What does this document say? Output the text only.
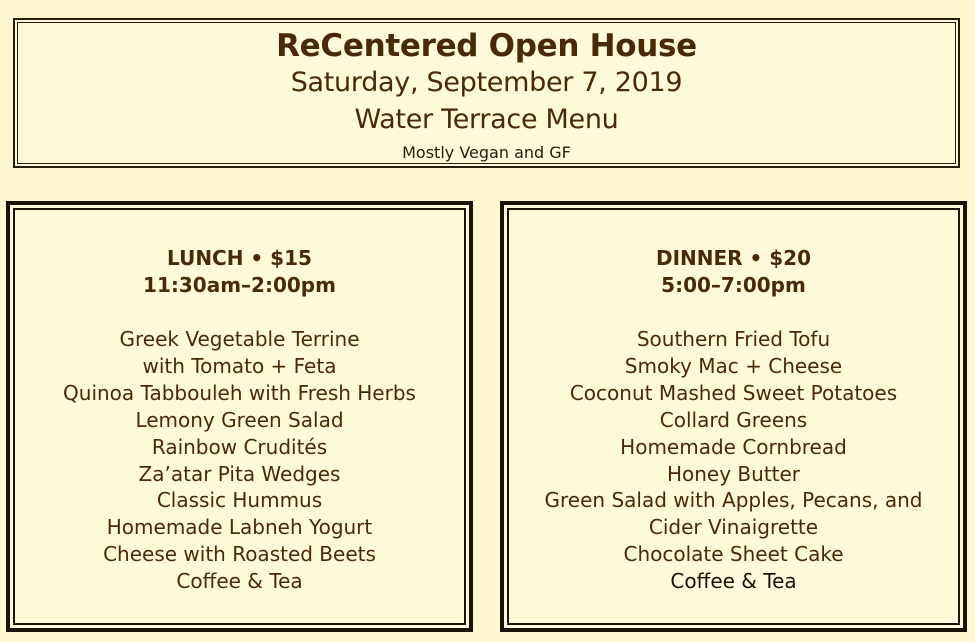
ReCentered Open House
Saturday, September 7, 2019
Water Terrace Menu
Mostly Vegan and GF
LUNCH • $15
11:30am–2:00pm
Greek Vegetable Terrine
with Tomato + Feta
Quinoa Tabbouleh with Fresh Herbs
Lemony Green Salad
Rainbow Crudités
Za’atar Pita Wedges
Classic Hummus
Homemade Labneh Yogurt
Cheese with Roasted Beets
Coffee & Tea
DINNER • $20
5:00–7:00pm
Southern Fried Tofu
Smoky Mac + Cheese
Coconut Mashed Sweet Potatoes
Collard Greens
Homemade Cornbread
Honey Butter
Green Salad with Apples, Pecans, and
Cider Vinaigrette
Chocolate Sheet Cake
Coffee & Tea
